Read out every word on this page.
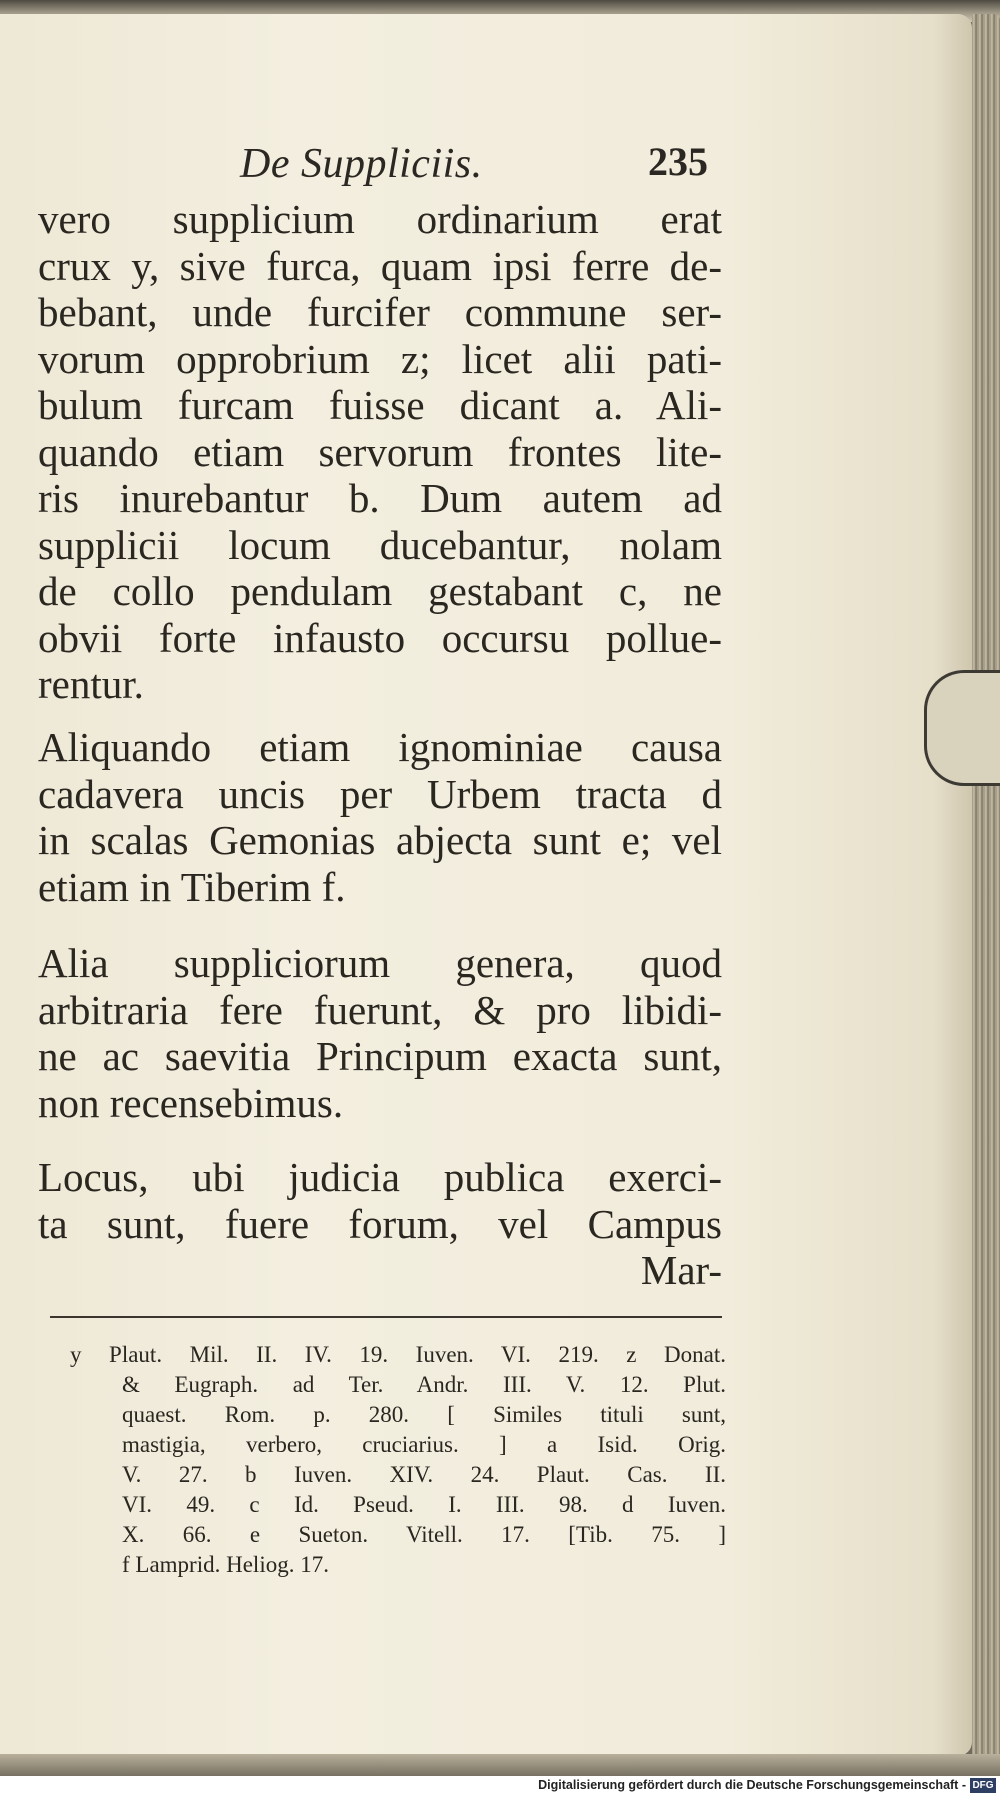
De Suppliciis.	235
vero supplicium ordinarium erat
crux y, sive furca, quam ipsi ferre de-
bebant, unde furcifer commune ser-
vorum opprobrium z; licet alii pati-
bulum furcam fuisse dicant a. Ali-
quando etiam servorum frontes lite-
ris inurebantur b. Dum autem ad
supplicii locum ducebantur, nolam
de collo pendulam gestabant c, ne
obvii forte infausto occursu pollue-
rentur.
Aliquando etiam ignominiae causa
cadavera uncis per Urbem tracta d
in scalas Gemonias abjecta sunt e; vel
etiam in Tiberim f.
Alia suppliciorum genera, quod
arbitraria fere fuerunt, & pro libidi-
ne ac saevitia Principum exacta sunt,
non recensebimus.
Locus, ubi judicia publica exerci-
ta sunt, fuere forum, vel Campus
Mar-
y Plaut. Mil. II. IV. 19. Iuven. VI. 219. z Donat.
& Eugraph. ad Ter. Andr. III. V. 12. Plut.
quaest. Rom. p. 280. [ Similes tituli sunt,
mastigia, verbero, cruciarius. ] a Isid. Orig.
V. 27. b Iuven. XIV. 24. Plaut. Cas. II.
VI. 49. c Id. Pseud. I. III. 98. d Iuven.
X. 66. e Sueton. Vitell. 17. [Tib. 75. ]
f Lamprid. Heliog. 17.
Digitalisierung gefördert durch die Deutsche Forschungsgemeinschaft - DFG
